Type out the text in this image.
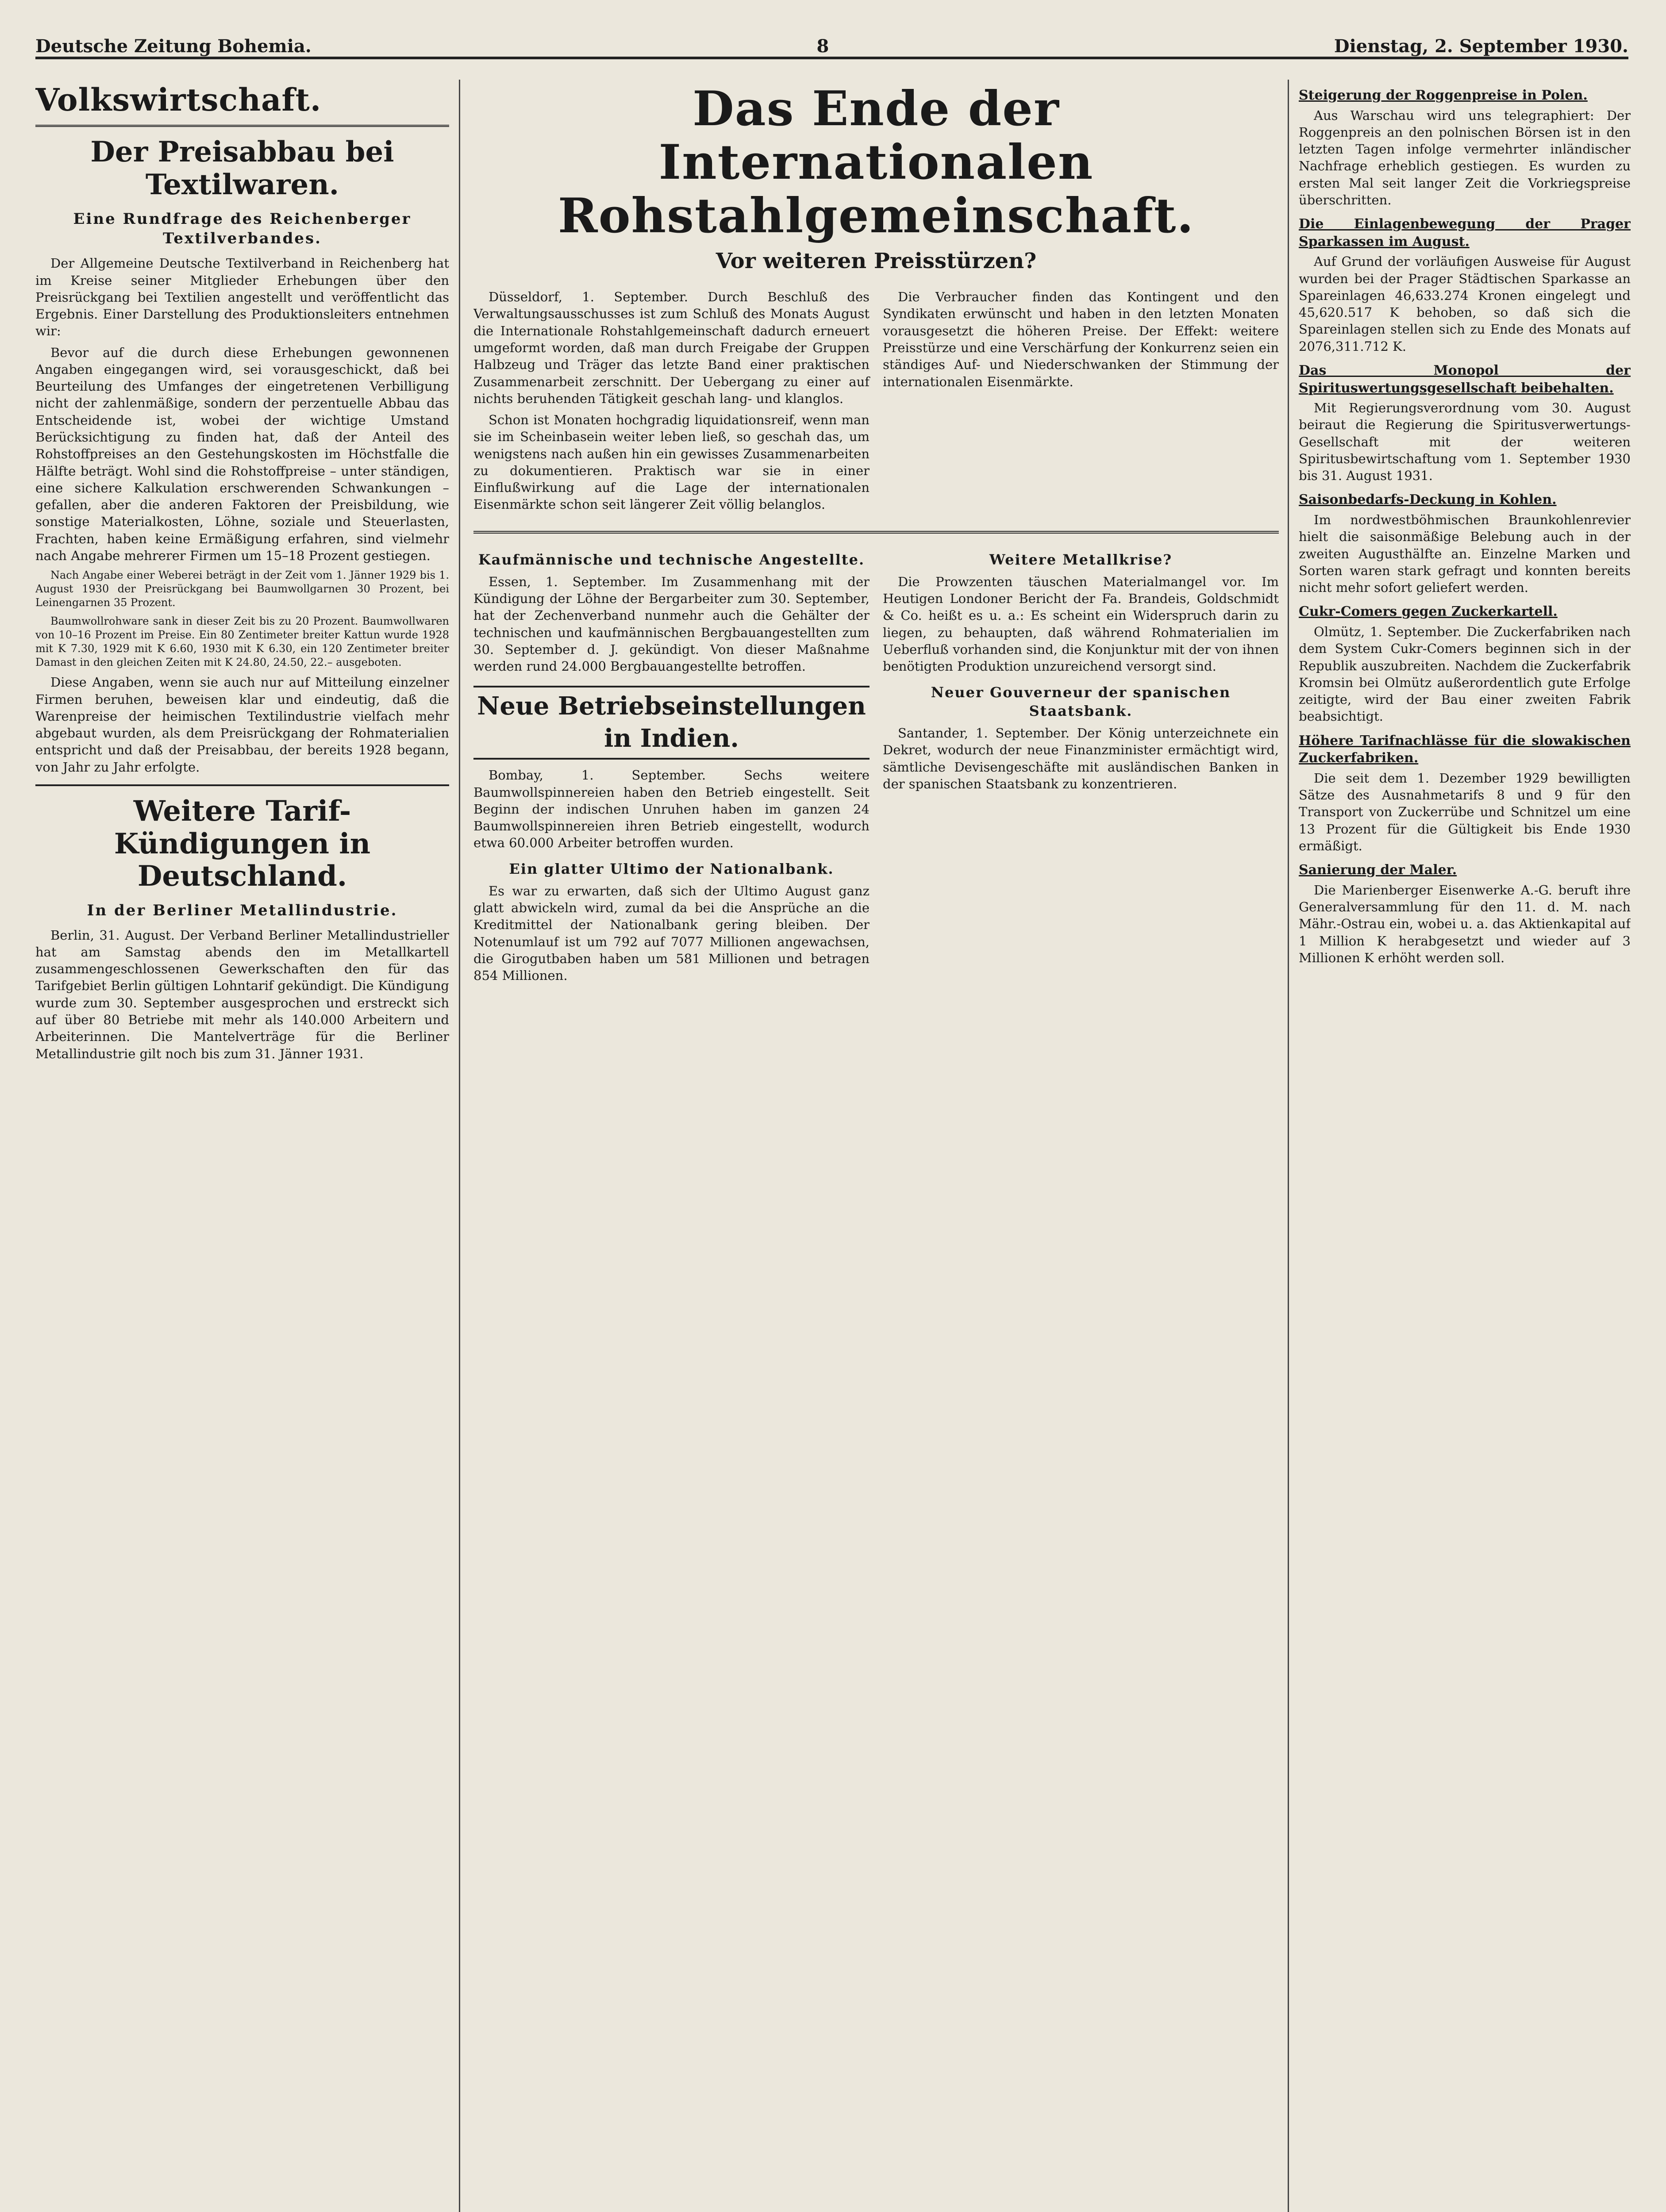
Deutsche Zeitung Bohemia.	8	Dienstag, 2. September 1930.
Volkswirtschaft.
Der Preisabbau bei Textilwaren.
Eine Rundfrage des Reichenberger Textilverbandes.

Der Allgemeine Deutsche Textilverband in Reichenberg hat im Kreise seiner Mitglieder Erhebungen über den Preisrückgang bei Textilien angestellt und veröffentlicht das Ergebnis. Einer Darstellung des Produktionsleiters entnehmen wir:

Bevor auf die durch diese Erhebungen gewonnenen Angaben eingegangen wird, sei vorausgeschickt, daß bei Beurteilung des Umfanges der eingetretenen Verbilligung nicht der zahlenmäßige, sondern der perzentuelle Abbau das Entscheidende ist, wobei der wichtige Umstand Berücksichtigung zu finden hat, daß der Anteil des Rohstoffpreises an den Gestehungskosten im Höchstfalle die Hälfte beträgt. Wohl sind die Rohstoffpreise – unter ständigen, eine sichere Kalkulation erschwerenden Schwankungen – gefallen, aber die anderen Faktoren der Preisbildung, wie sonstige Materialkosten, Löhne, soziale und Steuerlasten, Frachten, haben keine Ermäßigung erfahren, sind vielmehr nach Angabe mehrerer Firmen um 15–18 Prozent gestiegen.

Nach Angabe einer Weberei beträgt in der Zeit vom 1. Jänner 1929 bis 1. August 1930 der Preisrückgang bei Baumwollgarnen 30 Prozent, bei Leinengarnen 35 Prozent.

Baumwollrohware sank in dieser Zeit bis zu 20 Prozent. Baumwollwaren von 10–16 Prozent im Preise. Ein 80 Zentimeter breiter Kattun wurde 1928 mit K 7.30, 1929 mit K 6.60, 1930 mit K 6.30, ein 120 Zentimeter breiter Damast in den gleichen Zeiten mit K 24.80, 24.50, 22.– ausgeboten.

Diese Angaben, wenn sie auch nur auf Mitteilung einzelner Firmen beruhen, beweisen klar und eindeutig, daß die Warenpreise der heimischen Textilindustrie vielfach mehr abgebaut wurden, als dem Preisrückgang der Rohmaterialien entspricht und daß der Preisabbau, der bereits 1928 begann, von Jahr zu Jahr erfolgte.

Weitere Tarif-Kündigungen in Deutschland.
In der Berliner Metallindustrie.

Berlin, 31. August. Der Verband Berliner Metallindustrieller hat am Samstag abends den im Metallkartell zusammengeschlossenen Gewerkschaften den für das Tarifgebiet Berlin gültigen Lohntarif gekündigt. Die Kündigung wurde zum 30. September ausgesprochen und erstreckt sich auf über 80 Betriebe mit mehr als 140.000 Arbeitern und Arbeiterinnen. Die Mantelverträge für die Berliner Metallindustrie gilt noch bis zum 31. Jänner 1931.

Das Ende der Internationalen Rohstahlgemeinschaft.
Vor weiteren Preisstürzen?

Düsseldorf, 1. September. Durch Beschluß des Verwaltungsausschusses ist zum Schluß des Monats August die Internationale Rohstahlgemeinschaft dadurch erneuert umgeformt worden, daß man durch Freigabe der Gruppen Halbzeug und Träger das letzte Band einer praktischen Zusammenarbeit zerschnitt. Der Uebergang zu einer auf nichts beruhenden Tätigkeit geschah lang- und klanglos.

Schon ist Monaten hochgradig liquidationsreif, wenn man sie im Scheinbasein weiter leben ließ, so geschah das, um wenigstens nach außen hin ein gewisses Zusammenarbeiten zu dokumentieren. Praktisch war sie in einer Einflußwirkung auf die Lage der internationalen Eisenmärkte schon seit längerer Zeit völlig belanglos.

Die Verbraucher finden das Kontingent und den Syndikaten erwünscht und haben in den letzten Monaten vorausgesetzt die höheren Preise. Der Effekt: weitere Preisstürze und eine Verschärfung der Konkurrenz seien ein ständiges Auf- und Niederschwanken der Stimmung der internationalen Eisenmärkte.

Kaufmännische und technische Angestellte.

Essen, 1. September. Im Zusammenhang mit der Kündigung der Löhne der Bergarbeiter zum 30. September, hat der Zechenverband nunmehr auch die Gehälter der technischen und kaufmännischen Bergbauangestellten zum 30. September d. J. gekündigt. Von dieser Maßnahme werden rund 24.000 Bergbauangestellte betroffen.

Neue Betriebseinstellungen in Indien.

Bombay, 1. September. Sechs weitere Baumwollspinnereien haben den Betrieb eingestellt. Seit Beginn der indischen Unruhen haben im ganzen 24 Baumwollspinnereien ihren Betrieb eingestellt, wodurch etwa 60.000 Arbeiter betroffen wurden.

Ein glatter Ultimo der Nationalbank.

Es war zu erwarten, daß sich der Ultimo August ganz glatt abwickeln wird, zumal da bei die Ansprüche an die Kreditmittel der Nationalbank gering bleiben. Der Notenumlauf ist um 792 auf 7077 Millionen angewachsen, die Girogutbaben haben um 581 Millionen und betragen 854 Millionen.

Weitere Metallkrise?

Die Prowzenten täuschen Materialmangel vor. Im Heutigen Londoner Bericht der Fa. Brandeis, Goldschmidt & Co. heißt es u. a.: Es scheint ein Widerspruch darin zu liegen, zu behaupten, daß während Rohmaterialien im Ueberfluß vorhanden sind, die Konjunktur mit der von ihnen benötigten Produktion unzureichend versorgt sind.

Neuer Gouverneur der spanischen Staatsbank.

Santander, 1. September. Der König unterzeichnete ein Dekret, wodurch der neue Finanzminister ermächtigt wird, sämtliche Devisengeschäfte mit ausländischen Banken in der spanischen Staatsbank zu konzentrieren.

Steigerung der Roggenpreise in Polen.

Aus Warschau wird uns telegraphiert: Der Roggenpreis an den polnischen Börsen ist in den letzten Tagen infolge vermehrter inländischer Nachfrage erheblich gestiegen. Es wurden zu ersten Mal seit langer Zeit die Vorkriegspreise überschritten.

Die Einlagenbewegung der Prager Sparkassen im August.

Auf Grund der vorläufigen Ausweise für August wurden bei der Prager Städtischen Sparkasse an Spareinlagen 46,633.274 Kronen eingelegt und 45,620.517 K behoben, so daß sich die Spareinlagen stellen sich zu Ende des Monats auf 2076,311.712 K.

Das Monopol der Spirituswertungsgesellschaft beibehalten.

Mit Regierungsverordnung vom 30. August beiraut die Regierung die Spiritusverwertungs-Gesellschaft mit der weiteren Spiritusbewirtschaftung vom 1. September 1930 bis 31. August 1931.

Saisonbedarfs-Deckung in Kohlen.

Im nordwestböhmischen Braunkohlenrevier hielt die saisonmäßige Belebung auch in der zweiten Augusthälfte an. Einzelne Marken und Sorten waren stark gefragt und konnten bereits nicht mehr sofort geliefert werden.

Cukr-Comers gegen Zuckerkartell.

Olmütz, 1. September. Die Zuckerfabriken nach dem System Cukr-Comers beginnen sich in der Republik auszubreiten. Nachdem die Zuckerfabrik Kromsin bei Olmütz außerordentlich gute Erfolge zeitigte, wird der Bau einer zweiten Fabrik beabsichtigt.

Höhere Tarifnachlässe für die slowakischen Zuckerfabriken.

Die seit dem 1. Dezember 1929 bewilligten Sätze des Ausnahmetarifs 8 und 9 für den Transport von Zuckerrübe und Schnitzel um eine 13 Prozent für die Gültigkeit bis Ende 1930 ermäßigt.

Sanierung der Maler.

Die Marienberger Eisenwerke A.-G. beruft ihre Generalversammlung für den 11. d. M. nach Mähr.-Ostrau ein, wobei u. a. das Aktienkapital auf 1 Million K herabgesetzt und wieder auf 3 Millionen K erhöht werden soll.
